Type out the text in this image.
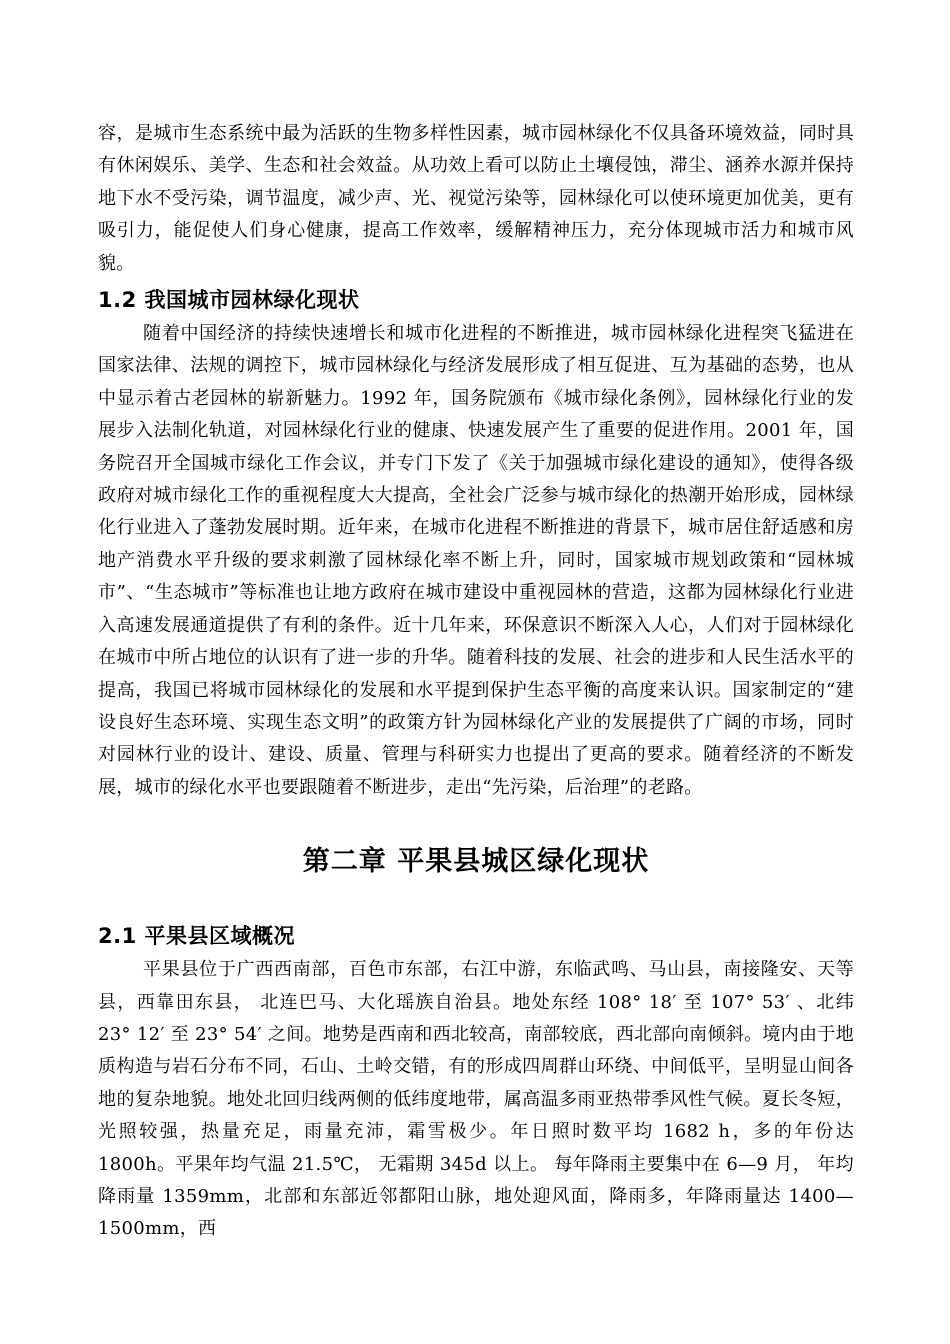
容，是城市生态系统中最为活跃的生物多样性因素，城市园林绿化不仅具备环境效益，同时具有休闲娱乐、美学、生态和社会效益。从功效上看可以防止土壤侵蚀，滞尘、涵养水源并保持地下水不受污染，调节温度，减少声、光、视觉污染等，园林绿化可以使环境更加优美，更有吸引力，能促使人们身心健康，提高工作效率，缓解精神压力，充分体现城市活力和城市风貌。

1.2 我国城市园林绿化现状

随着中国经济的持续快速增长和城市化进程的不断推进，城市园林绿化进程突飞猛进在国家法律、法规的调控下，城市园林绿化与经济发展形成了相互促进、互为基础的态势，也从中显示着古老园林的崭新魅力。1992 年，国务院颁布《城市绿化条例》，园林绿化行业的发展步入法制化轨道，对园林绿化行业的健康、快速发展产生了重要的促进作用。2001 年，国务院召开全国城市绿化工作会议，并专门下发了《关于加强城市绿化建设的通知》，使得各级政府对城市绿化工作的重视程度大大提高，全社会广泛参与城市绿化的热潮开始形成，园林绿化行业进入了蓬勃发展时期。近年来，在城市化进程不断推进的背景下，城市居住舒适感和房地产消费水平升级的要求刺激了园林绿化率不断上升，同时，国家城市规划政策和“园林城市”、“生态城市”等标准也让地方政府在城市建设中重视园林的营造，这都为园林绿化行业进入高速发展通道提供了有利的条件。近十几年来，环保意识不断深入人心，人们对于园林绿化在城市中所占地位的认识有了进一步的升华。随着科技的发展、社会的进步和人民生活水平的提高，我国已将城市园林绿化的发展和水平提到保护生态平衡的高度来认识。国家制定的“建设良好生态环境、实现生态文明”的政策方针为园林绿化产业的发展提供了广阔的市场，同时对园林行业的设计、建设、质量、管理与科研实力也提出了更高的要求。随着经济的不断发展，城市的绿化水平也要跟随着不断进步，走出“先污染，后治理”的老路。

第二章 平果县城区绿化现状
2.1 平果县区域概况

平果县位于广西西南部，百色市东部，右江中游，东临武鸣、马山县，南接隆安、天等县，西靠田东县， 北连巴马、大化瑶族自治县。地处东经 108° 18′ 至 107° 53′ 、北纬 23° 12′ 至 23° 54′ 之间。地势是西南和西北较高，南部较底，西北部向南倾斜。境内由于地质构造与岩石分布不同，石山、土岭交错，有的形成四周群山环绕、中间低平，呈明显山间各地的复杂地貌。地处北回归线两侧的低纬度地带，属高温多雨亚热带季风性气候。夏长冬短，光照较强，热量充足，雨量充沛，霜雪极少。年日照时数平均 1682 h，多的年份达 1800h。平果年均气温 21.5℃， 无霜期 345d 以上。 每年降雨主要集中在 6—9 月， 年均降雨量 1359mm，北部和东部近邻都阳山脉，地处迎风面，降雨多，年降雨量达 1400—1500mm，西
